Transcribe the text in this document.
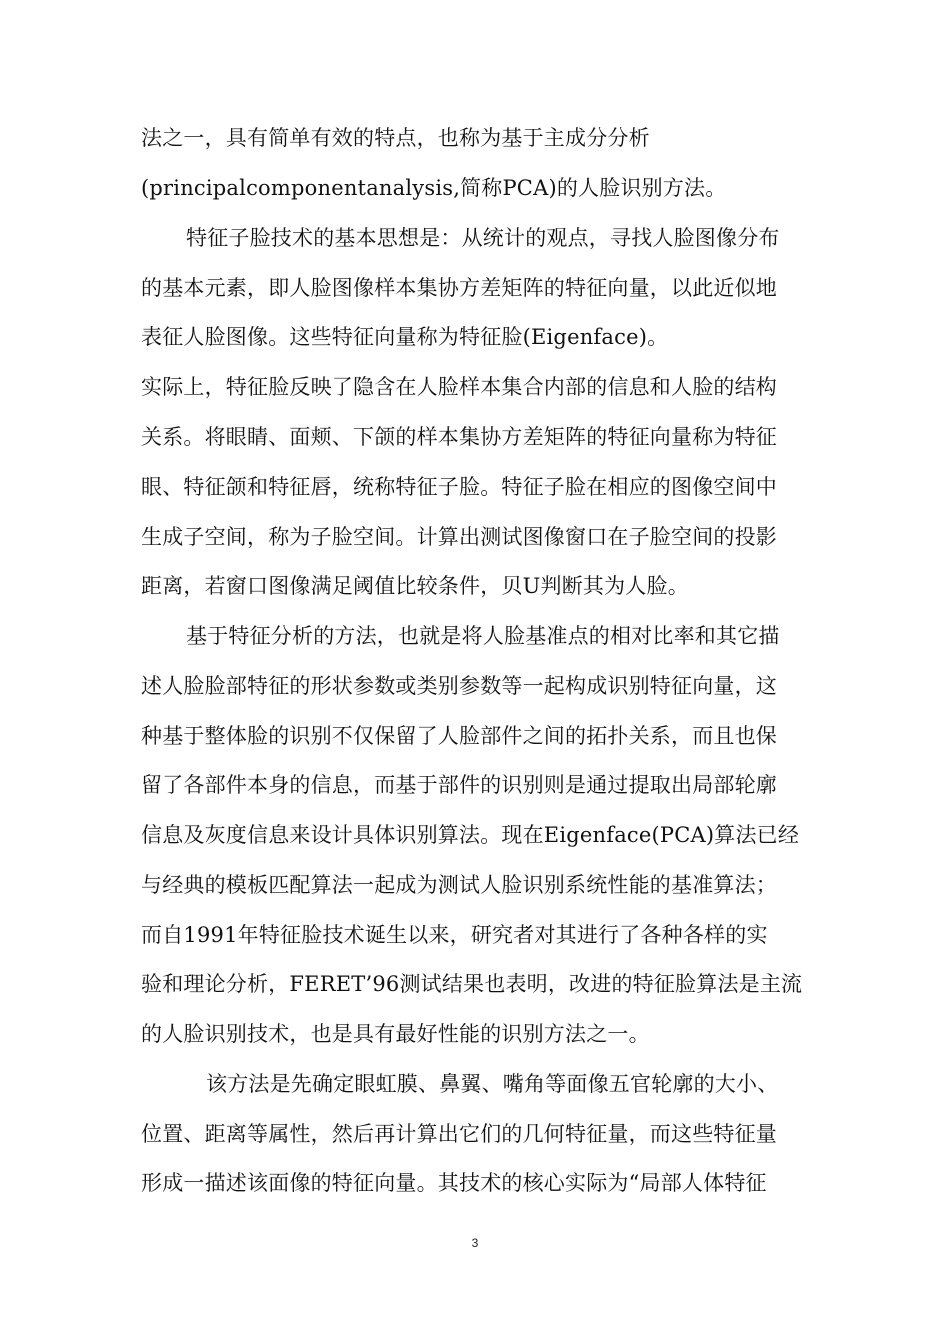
法之一，具有简单有效的特点，也称为基于主成分分析
(principalcomponentanalysis,简称PCA)的人脸识别方法。
特征子脸技术的基本思想是：从统计的观点，寻找人脸图像分布
的基本元素，即人脸图像样本集协方差矩阵的特征向量，以此近似地
表征人脸图像。这些特征向量称为特征脸(Eigenface)。
实际上，特征脸反映了隐含在人脸样本集合内部的信息和人脸的结构
关系。将眼睛、面颊、下颌的样本集协方差矩阵的特征向量称为特征
眼、特征颌和特征唇，统称特征子脸。特征子脸在相应的图像空间中
生成子空间，称为子脸空间。计算出测试图像窗口在子脸空间的投影
距离，若窗口图像满足阈值比较条件，贝U判断其为人脸。
基于特征分析的方法，也就是将人脸基准点的相对比率和其它描
述人脸脸部特征的形状参数或类别参数等一起构成识别特征向量，这
种基于整体脸的识别不仅保留了人脸部件之间的拓扑关系，而且也保
留了各部件本身的信息，而基于部件的识别则是通过提取出局部轮廓
信息及灰度信息来设计具体识别算法。现在Eigenface(PCA)算法已经
与经典的模板匹配算法一起成为测试人脸识别系统性能的基准算法；
而自1991年特征脸技术诞生以来，研究者对其进行了各种各样的实
验和理论分析，FERET’96测试结果也表明，改进的特征脸算法是主流
的人脸识别技术，也是具有最好性能的识别方法之一。
该方法是先确定眼虹膜、鼻翼、嘴角等面像五官轮廓的大小、
位置、距离等属性，然后再计算出它们的几何特征量，而这些特征量
形成一描述该面像的特征向量。其技术的核心实际为“局部人体特征
3
